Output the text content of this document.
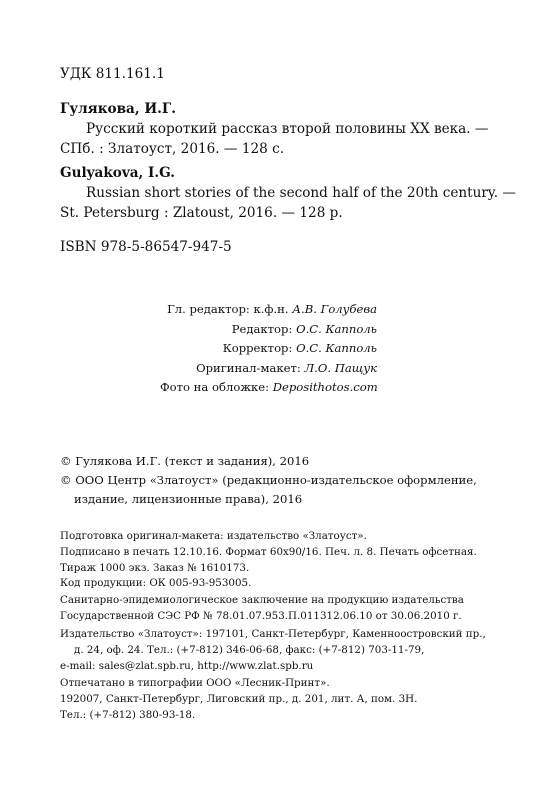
УДК 811.161.1
Гулякова, И.Г.
Русский короткий рассказ второй половины XX века. —
СПб. : Златоуст, 2016. — 128 с.
Gulyakova, I.G.
Russian short stories of the second half of the 20th century. —
St. Petersburg : Zlatoust, 2016. — 128 p.
ISBN 978-5-86547-947-5
Гл. редактор: к.ф.н. А.В. Голубева
Редактор: О.С. Капполь
Корректор: О.С. Капполь
Оригинал-макет: Л.О. Пащук
Фото на обложке: Deposithotos.com
© Гулякова И.Г. (текст и задания), 2016
© ООО Центр «Златоуст» (редакционно-издательское оформление,
издание, лицензионные права), 2016
Подготовка оригинал-макета: издательство «Златоуст».
Подписано в печать 12.10.16. Формат 60х90/16. Печ. л. 8. Печать офсетная.
Тираж 1000 экз. Заказ № 1610173.
Код продукции: ОК 005-93-953005.
Санитарно-эпидемиологическое заключение на продукцию издательства
Государственной СЭС РФ № 78.01.07.953.П.011312.06.10 от 30.06.2010 г.
Издательство «Златоуст»: 197101, Санкт-Петербург, Каменноостровский пр.,
д. 24, оф. 24. Тел.: (+7-812) 346-06-68, факс: (+7-812) 703-11-79,
e-mail: sales@zlat.spb.ru, http://www.zlat.spb.ru
Отпечатано в типографии ООО «Лесник-Принт».
192007, Санкт-Петербург, Лиговский пр., д. 201, лит. А, пом. 3Н.
Тел.: (+7-812) 380-93-18.
